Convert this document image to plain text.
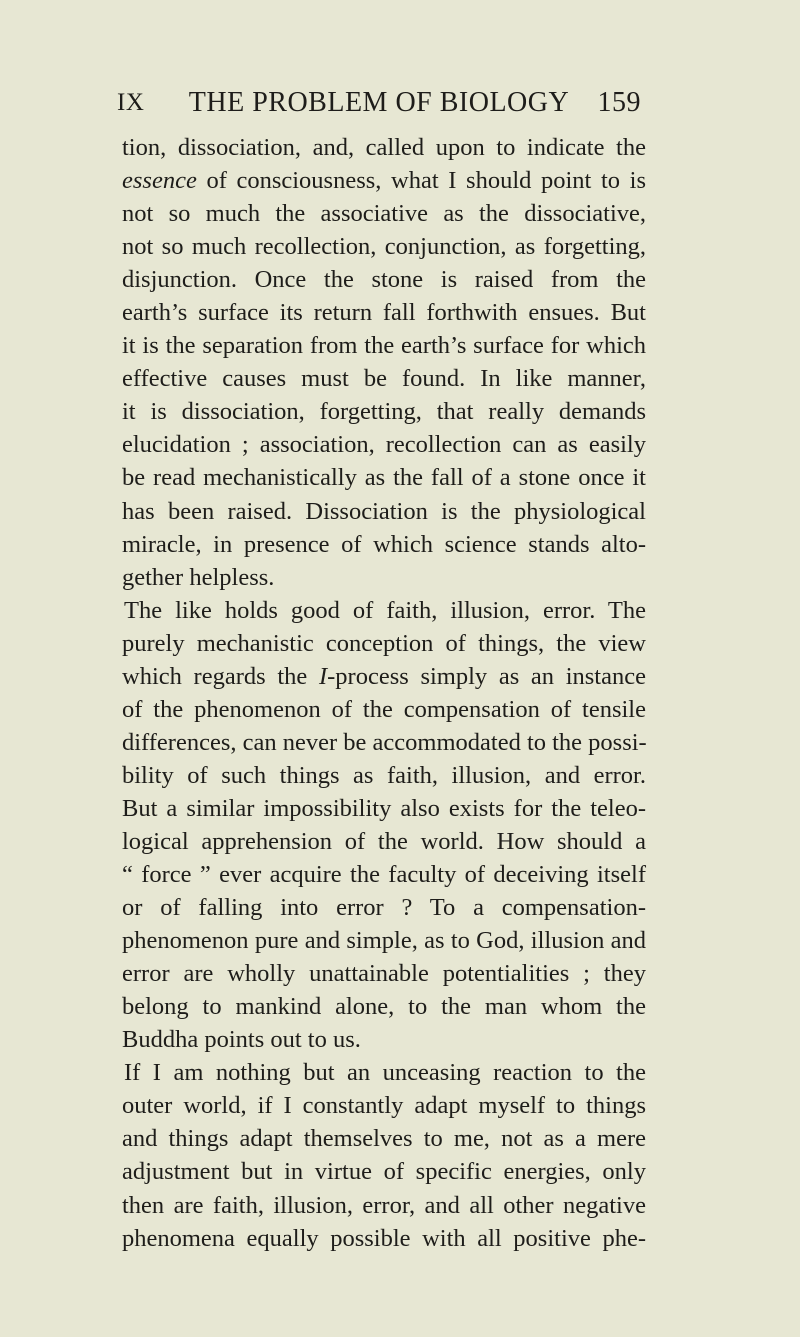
IX	THE PROBLEM OF BIOLOGY	159
tion, dissociation, and, called upon to indicate the
essence of consciousness, what I should point to is
not so much the associative as the dissociative,
not so much recollection, conjunction, as forgetting,
disjunction. Once the stone is raised from the
earth’s surface its return fall forthwith ensues. But
it is the separation from the earth’s surface for which
effective causes must be found. In like manner,
it is dissociation, forgetting, that really demands
elucidation ; association, recollection can as easily
be read mechanistically as the fall of a stone once it
has been raised. Dissociation is the physiological
miracle, in presence of which science stands alto-
gether helpless.
The like holds good of faith, illusion, error. The
purely mechanistic conception of things, the view
which regards the I-process simply as an instance
of the phenomenon of the compensation of tensile
differences, can never be accommodated to the possi-
bility of such things as faith, illusion, and error.
But a similar impossibility also exists for the teleo-
logical apprehension of the world. How should a
“ force ” ever acquire the faculty of deceiving itself
or of falling into error ? To a compensation-
phenomenon pure and simple, as to God, illusion and
error are wholly unattainable potentialities ; they
belong to mankind alone, to the man whom the
Buddha points out to us.
If I am nothing but an unceasing reaction to the
outer world, if I constantly adapt myself to things
and things adapt themselves to me, not as a mere
adjustment but in virtue of specific energies, only
then are faith, illusion, error, and all other negative
phenomena equally possible with all positive phe-
